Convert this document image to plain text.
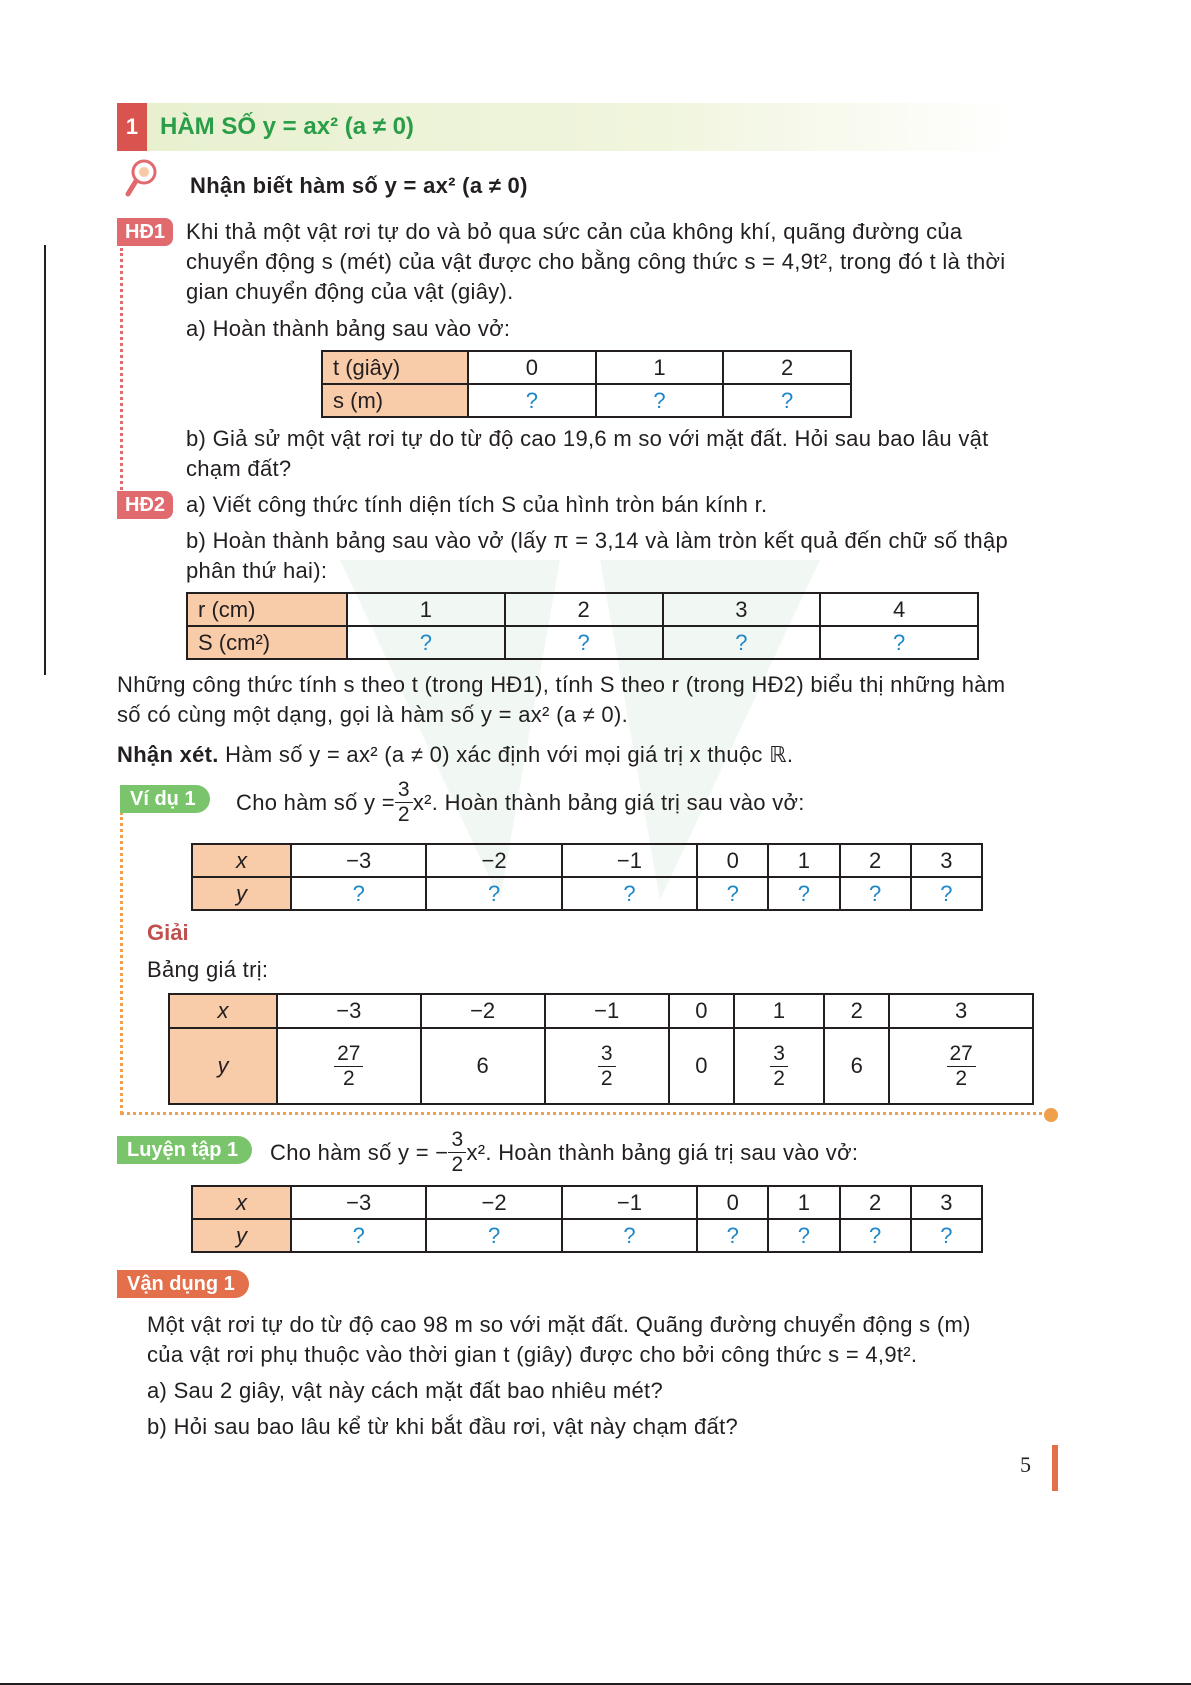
1 HÀM SỐ y = ax² (a ≠ 0)
Nhận biết hàm số y = ax² (a ≠ 0)
HĐ1 Khi thả một vật rơi tự do và bỏ qua sức cản của không khí, quãng đường của
chuyển động s (mét) của vật được cho bằng công thức s = 4,9t², trong đó t là thời
gian chuyển động của vật (giây).
a) Hoàn thành bảng sau vào vở:
t (giây)	0	1	2
s (m)	?	?	?
b) Giả sử một vật rơi tự do từ độ cao 19,6 m so với mặt đất. Hỏi sau bao lâu vật
chạm đất?
HĐ2 a) Viết công thức tính diện tích S của hình tròn bán kính r.
b) Hoàn thành bảng sau vào vở (lấy π = 3,14 và làm tròn kết quả đến chữ số thập
phân thứ hai):
r (cm)	1	2	3	4
S (cm²)	?	?	?	?
Những công thức tính s theo t (trong HĐ1), tính S theo r (trong HĐ2) biểu thị những hàm
số có cùng một dạng, gọi là hàm số y = ax² (a ≠ 0).
Nhận xét. Hàm số y = ax² (a ≠ 0) xác định với mọi giá trị x thuộc ℝ.
Ví dụ 1	Cho hàm số $y = \frac{3}{2} x^2$. Hoàn thành bảng giá trị sau vào vở:
x	−3	−2	−1	0	1	2	3
y	?	?	?	?	?	?	?
Giải
Bảng giá trị:
x	−3	−2	−1	0	1	2	3
y	$\frac{27}{2}$	6	$\frac{3}{2}$	0	$\frac{3}{2}$	6	$\frac{27}{2}$
Luyện tập 1	Cho hàm số y = − $\frac{3}{2} x^2$. Hoàn thành bảng giá trị sau vào vở:
x	−3	−2	−1	0	1	2	3
y	?	?	?	?	?	?	?
Vận dụng 1
Một vật rơi tự do từ độ cao 98 m so với mặt đất. Quãng đường chuyển động s (m)
của vật rơi phụ thuộc vào thời gian t (giây) được cho bởi công thức s = 4,9t².
a) Sau 2 giây, vật này cách mặt đất bao nhiêu mét?
b) Hỏi sau bao lâu kể từ khi bắt đầu rơi, vật này chạm đất?
5
